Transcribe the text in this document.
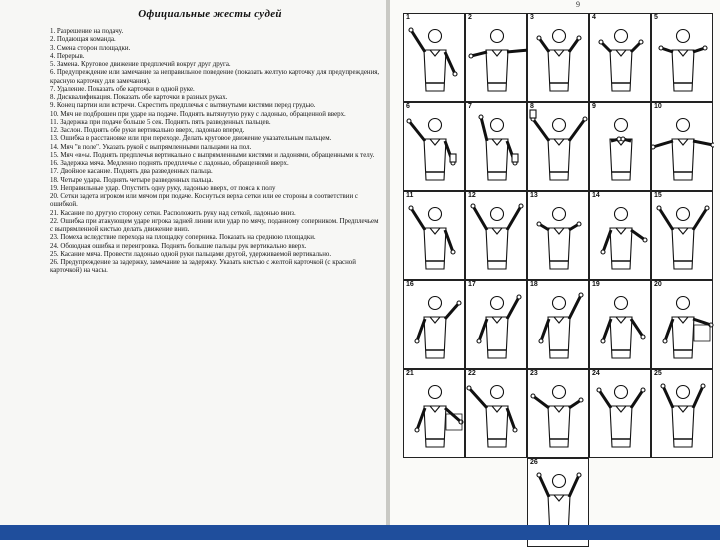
Официальные жесты судей
1. Разрешение на подачу.
2. Подающая команда.
3. Смена сторон площадки.
4. Перерыв.
5. Замена. Круговое движение предплечий вокруг друг друга.
6. Предупреждение или замечание за неправильное поведение (показать желтую карточку для предупреждения, красную карточку для замечания).
7. Удаление. Показать обе карточки в одной руке.
8. Дисквалификация. Показать обе карточки в разных руках.
9. Конец партии или встречи. Скрестить предплечья с вытянутыми кистями перед грудью.
10. Мяч не подброшен при ударе на подаче. Поднять вытянутую руку с ладонью, обращенной вверх.
11. Задержка при подаче больше 5 сек. Поднять пять разведенных пальцев.
12. Заслон. Поднять обе руки вертикально вверх, ладонью вперед.
13. Ошибка в расстановке или при переходе. Делать круговое движение указательным пальцем.
14. Мяч "в поле". Указать рукой с выпрямленными пальцами на пол.
15. Мяч «в»ы. Поднять предплечья вертикально с выпрямленными кистями и ладонями, обращенными к телу.
16. Задержка мяча. Медленно поднять предплечье с ладонью, обращенной вверх.
17. Двойное касание. Поднять два разведенных пальца.
18. Четыре удара. Поднять четыре разведенных пальца.
19. Неправильные удар. Опустить одну руку, ладонью вверх, от пояса к полу
20. Сетки задета игроком или мячом при подаче. Коснуться верха сетки или ее стороны в соответствии с ошибкой.
21. Касание по другую сторону сетки. Расположить руку над сеткой, ладонью вниз.
22. Ошибка при атакующем ударе игрока задней линии или удар по мячу, поданному соперником. Предплечьем с выпрямленной кистью делать движение вниз.
23. Помеха вследствие перехода на площадку соперника. Показать на среднюю площадки.
24. Обоюдная ошибка и переигровка. Поднять большие пальцы рук вертикально вверх.
25. Касание мяча. Провести ладонью одной руки пальцами другой, удерживаемой вертикально.
26. Предупреждение за задержку, замечание за задержку. Указать кистью с желтой карточкой (с красной карточкой) на часы.
9
1	2	3	4	5
6	7	8	9	10
11	12	13	14	15
16	17	18	19	20
21	22	23	24	25
26
